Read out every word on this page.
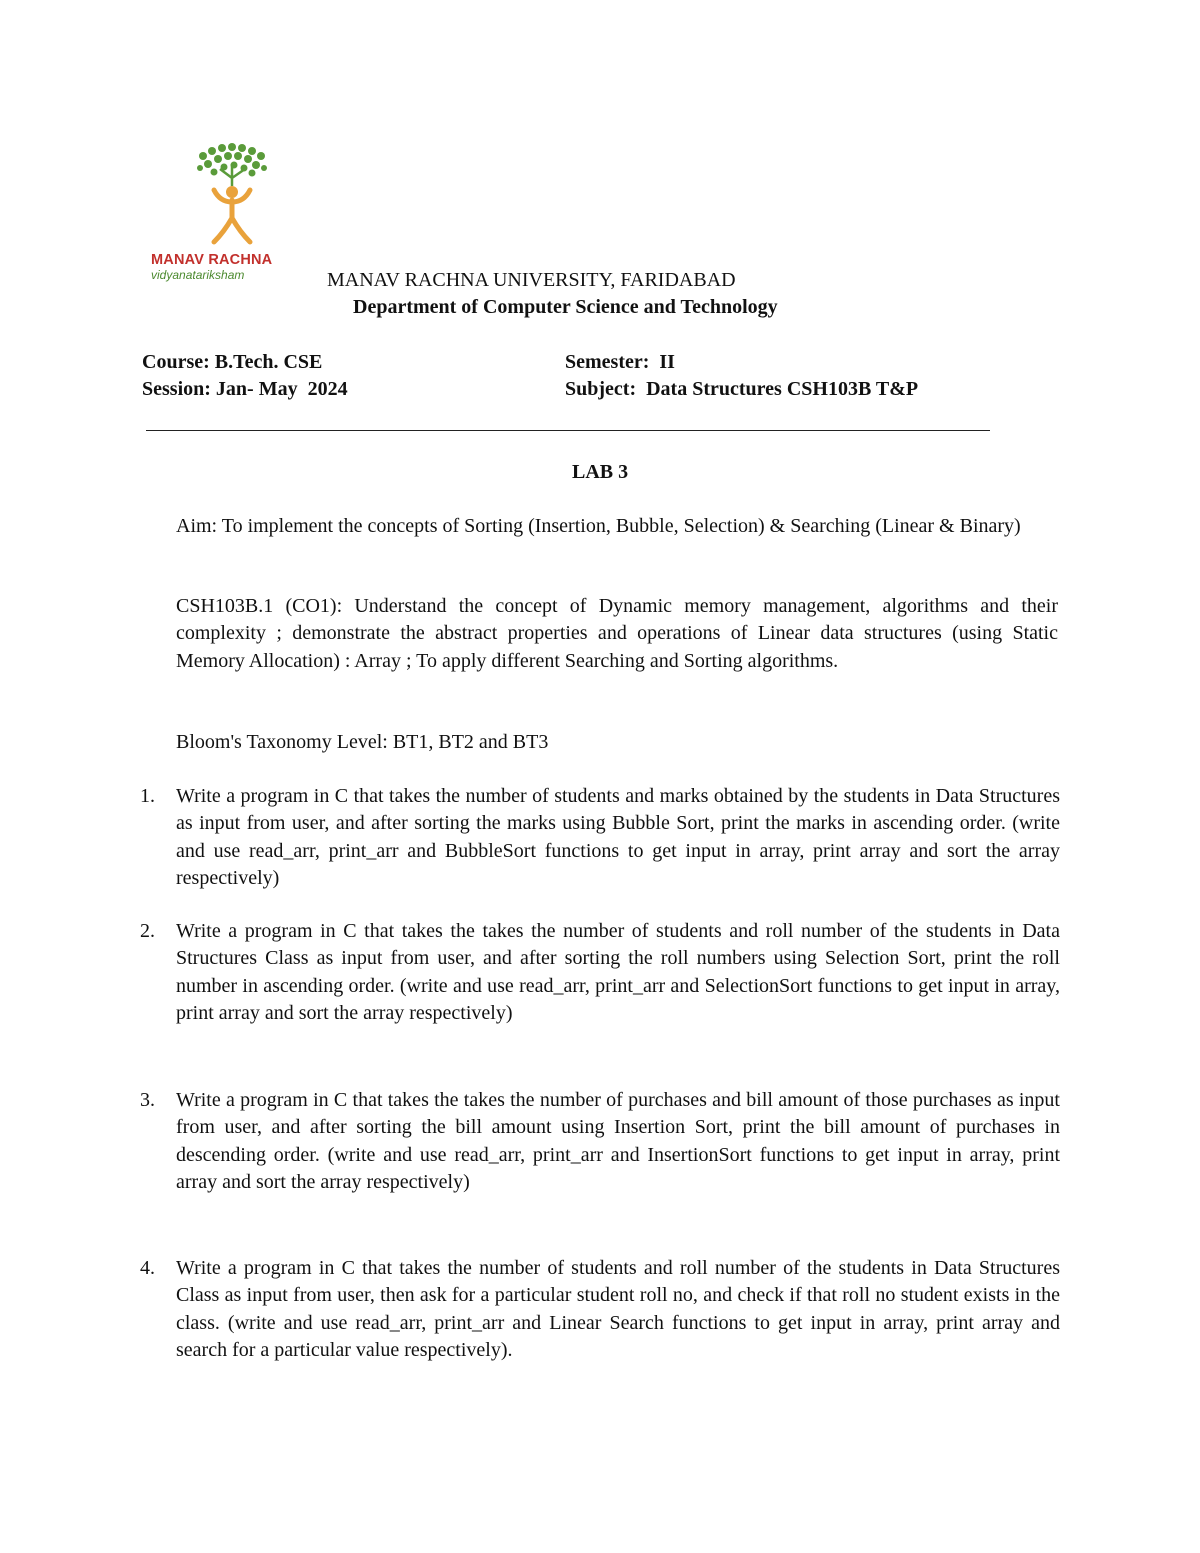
MANAV RACHNA
vidyanatariksham	MANAV RACHNA UNIVERSITY, FARIDABAD
Department of Computer Science and Technology
Course: B.Tech. CSE
Session: Jan- May  2024
Semester:  II
Subject:  Data Structures CSH103B T&P
LAB 3
Aim: To implement the concepts of Sorting (Insertion, Bubble, Selection) & Searching (Linear & Binary)
CSH103B.1 (CO1): Understand the concept of Dynamic memory management, algorithms and their complexity ; demonstrate the abstract properties and operations of Linear data structures (using Static Memory Allocation) : Array ; To apply different Searching and Sorting algorithms.
Bloom's Taxonomy Level: BT1, BT2 and BT3
1. Write a program in C that takes the number of students and marks obtained by the students in Data Structures as input from user, and after sorting the marks using Bubble Sort, print the marks in ascending order. (write and use read_arr, print_arr and BubbleSort functions to get input in array, print array and sort the array respectively)
2. Write a program in C that takes the takes the number of students and roll number of the students in Data Structures Class as input from user, and after sorting the roll numbers using Selection Sort, print the roll number in ascending order. (write and use read_arr, print_arr and SelectionSort functions to get input in array, print array and sort the array respectively)
3. Write a program in C that takes the takes the number of purchases and bill amount of those purchases as input from user, and after sorting the bill amount using Insertion Sort, print the bill amount of purchases in descending order. (write and use read_arr, print_arr and InsertionSort functions to get input in array, print array and sort the array respectively)
4. Write a program in C that takes the number of students and roll number of the students in Data Structures Class as input from user, then ask for a particular student roll no, and check if that roll no student exists in the class. (write and use read_arr, print_arr and Linear Search functions to get input in array, print array and search for a particular value respectively).
